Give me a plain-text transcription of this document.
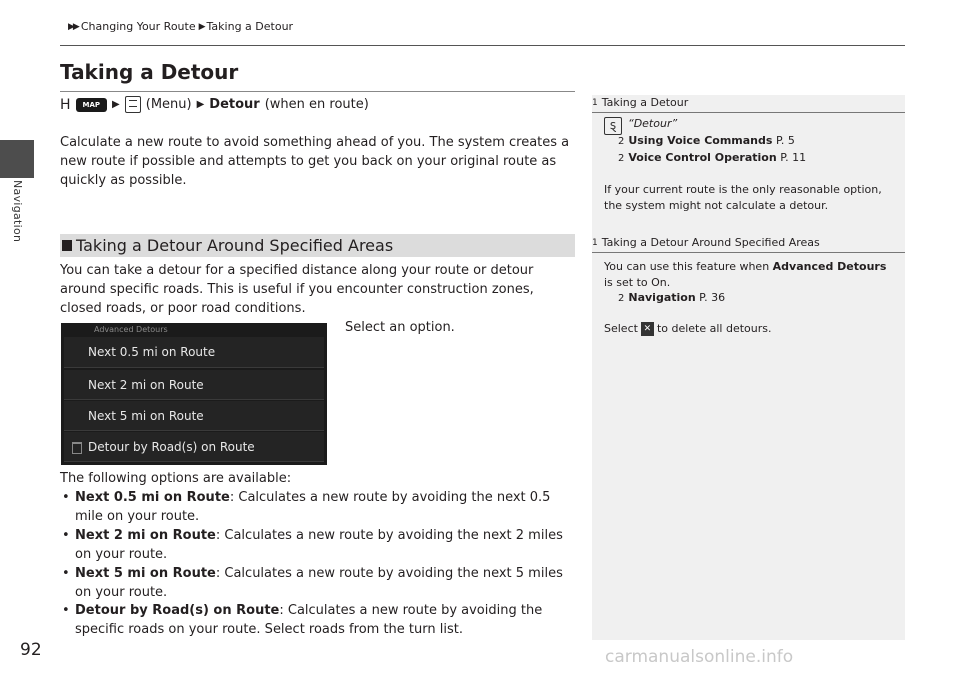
Navigation
92
▶▶ Changing Your Route ▶ Taking a Detour
Taking a Detour
H	MAP	▶ (Menu) ▶ Detour (when en route)
Calculate a new route to avoid something ahead of you. The system creates a new route if possible and attempts to get you back on your original route as quickly as possible.
Taking a Detour Around Specified Areas
You can take a detour for a specified distance along your route or detour around specific roads. This is useful if you encounter construction zones, closed roads, or poor road conditions.
Advanced Detours
Next 0.5 mi on Route
Next 2 mi on Route
Next 5 mi on Route
Detour by Road(s) on Route
Select an option.
The following options are available:
• Next 0.5 mi on Route: Calculates a new route by avoiding the next 0.5 mile on your route.
• Next 2 mi on Route: Calculates a new route by avoiding the next 2 miles on your route.
• Next 5 mi on Route: Calculates a new route by avoiding the next 5 miles on your route.
• Detour by Road(s) on Route: Calculates a new route by avoiding the specific roads on your route. Select roads from the turn list.
1 Taking a Detour
ȿ	“Detour”
2 Using Voice Commands P. 5
2 Voice Control Operation P. 11
If your current route is the only reasonable option, the system might not calculate a detour.
1 Taking a Detour Around Specified Areas
You can use this feature when Advanced Detours is set to On.
2 Navigation P. 36
Select ✕ to delete all detours.
carmanualsonline.info
